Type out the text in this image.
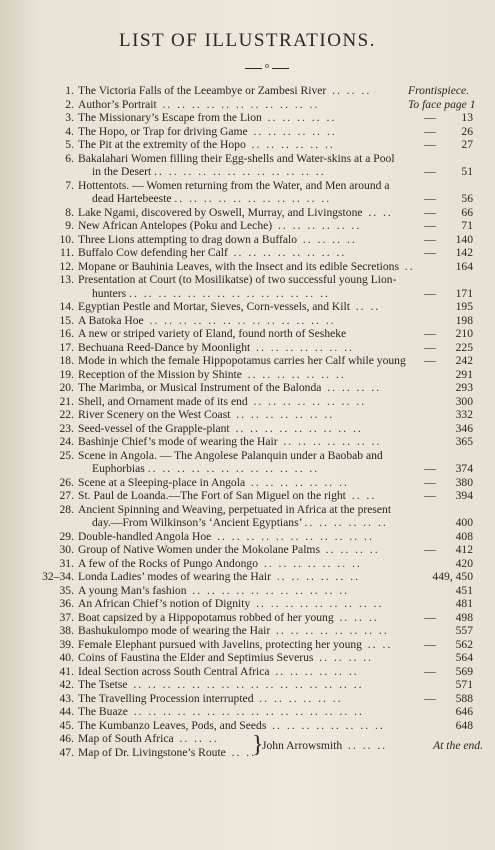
LIST OF ILLUSTRATIONS.
o
1. The Victoria Falls of the Leeambye or Zambesi River .. .. ..	Frontispiece.
2. Author’s Portrait .. .. .. .. .. .. .. .. .. .. ..	To face page 1
3. The Missionary’s Escape from the Lion .. .. .. .. ..	— 13
4. The Hopo, or Trap for driving Game .. .. .. .. .. ..	— 26
5. The Pit at the extremity of the Hopo .. .. .. .. .. ..	— 27
6. Bakalahari Women filling their Egg-shells and Water-skins at a Pool
in the Desert .. .. .. .. .. .. .. .. .. .. .. ..	— 51
7. Hottentots. — Women returning from the Water, and Men around a
dead Hartebeeste .. .. .. .. .. .. .. .. .. .. ..	— 56
8. Lake Ngami, discovered by Oswell, Murray, and Livingstone .. ..	— 66
9. New African Antelopes (Poku and Leche) .. .. .. .. .. ..	— 71
10. Three Lions attempting to drag down a Buffalo .. .. .. ..	— 140
11. Buffalo Cow defending her Calf .. .. .. .. .. .. .. ..	— 142
12. Mopane or Bauhinia Leaves, with the Insect and its edible Secretions ..	164
13. Presentation at Court (to Mosilikatse) of two successful young Lion-
hunters .. .. .. .. .. .. .. .. .. .. .. .. .. ..	— 171
14. Egyptian Pestle and Mortar, Sieves, Corn-vessels, and Kilt .. ..	195
15. A Batoka Hoe .. .. .. .. .. .. .. .. .. .. .. .. ..	198
16. A new or striped variety of Eland, found north of Sesheke	— 210
17. Bechuana Reed-Dance by Moonlight .. .. .. .. .. .. ..	— 225
18. Mode in which the female Hippopotamus carries her Calf while young	— 242
19. Reception of the Mission by Shinte .. .. .. .. .. .. ..	291
20. The Marimba, or Musical Instrument of the Balonda .. .. .. ..	293
21. Shell, and Ornament made of its end .. .. .. .. .. .. .. ..	300
22. River Scenery on the West Coast .. .. .. .. .. .. ..	332
23. Seed-vessel of the Grapple-plant .. .. .. .. .. .. .. .. ..	346
24. Bashinje Chief’s mode of wearing the Hair .. .. .. .. .. .. ..	365
25. Scene in Angola. — The Angolese Palanquin under a Baobab and
Euphorbias .. .. .. .. .. .. .. .. .. .. .. ..	— 374
26. Scene at a Sleeping-place in Angola .. .. .. .. .. .. ..	— 380
27. St. Paul de Loanda.—The Fort of San Miguel on the right .. ..	— 394
28. Ancient Spinning and Weaving, perpetuated in Africa at the present
day.—From Wilkinson’s ‘Ancient Egyptians’ .. .. .. .. .. ..	400
29. Double-handled Angola Hoe .. .. .. .. .. .. .. .. .. .. ..	408
30. Group of Native Women under the Mokolane Palms .. .. .. ..	— 412
31. A few of the Rocks of Pungo Andongo .. .. .. .. .. .. ..	420
32–34. Londa Ladies’ modes of wearing the Hair .. .. .. .. .. ..	449, 450
35. A young Man’s fashion .. .. .. .. .. .. .. .. .. .. ..	451
36. An African Chief’s notion of Dignity .. .. .. .. .. .. .. .. ..	481
37. Boat capsized by a Hippopotamus robbed of her young .. .. ..	— 498
38. Bashukulompo mode of wearing the Hair .. .. .. .. .. .. .. ..	557
39. Female Elephant pursued with Javelins, protecting her young .. ..	— 562
40. Coins of Faustina the Elder and Septimius Severus .. .. .. ..	564
41. Ideal Section across South Central Africa .. .. .. .. .. ..	— 569
42. The Tsetse .. .. .. .. .. .. .. .. .. .. .. .. .. .. .. ..	571
43. The Travelling Procession interrupted .. .. .. .. .. ..	— 588
44. The Buaze .. .. .. .. .. .. .. .. .. .. .. .. .. .. .. ..	646
45. The Kumbanzo Leaves, Pods, and Seeds .. .. .. .. .. .. .. ..	648
46. Map of South Africa .. .. ..
47. Map of Dr. Livingstone’s Route .. ..
}
John Arrowsmith .. .. ..	At the end.
